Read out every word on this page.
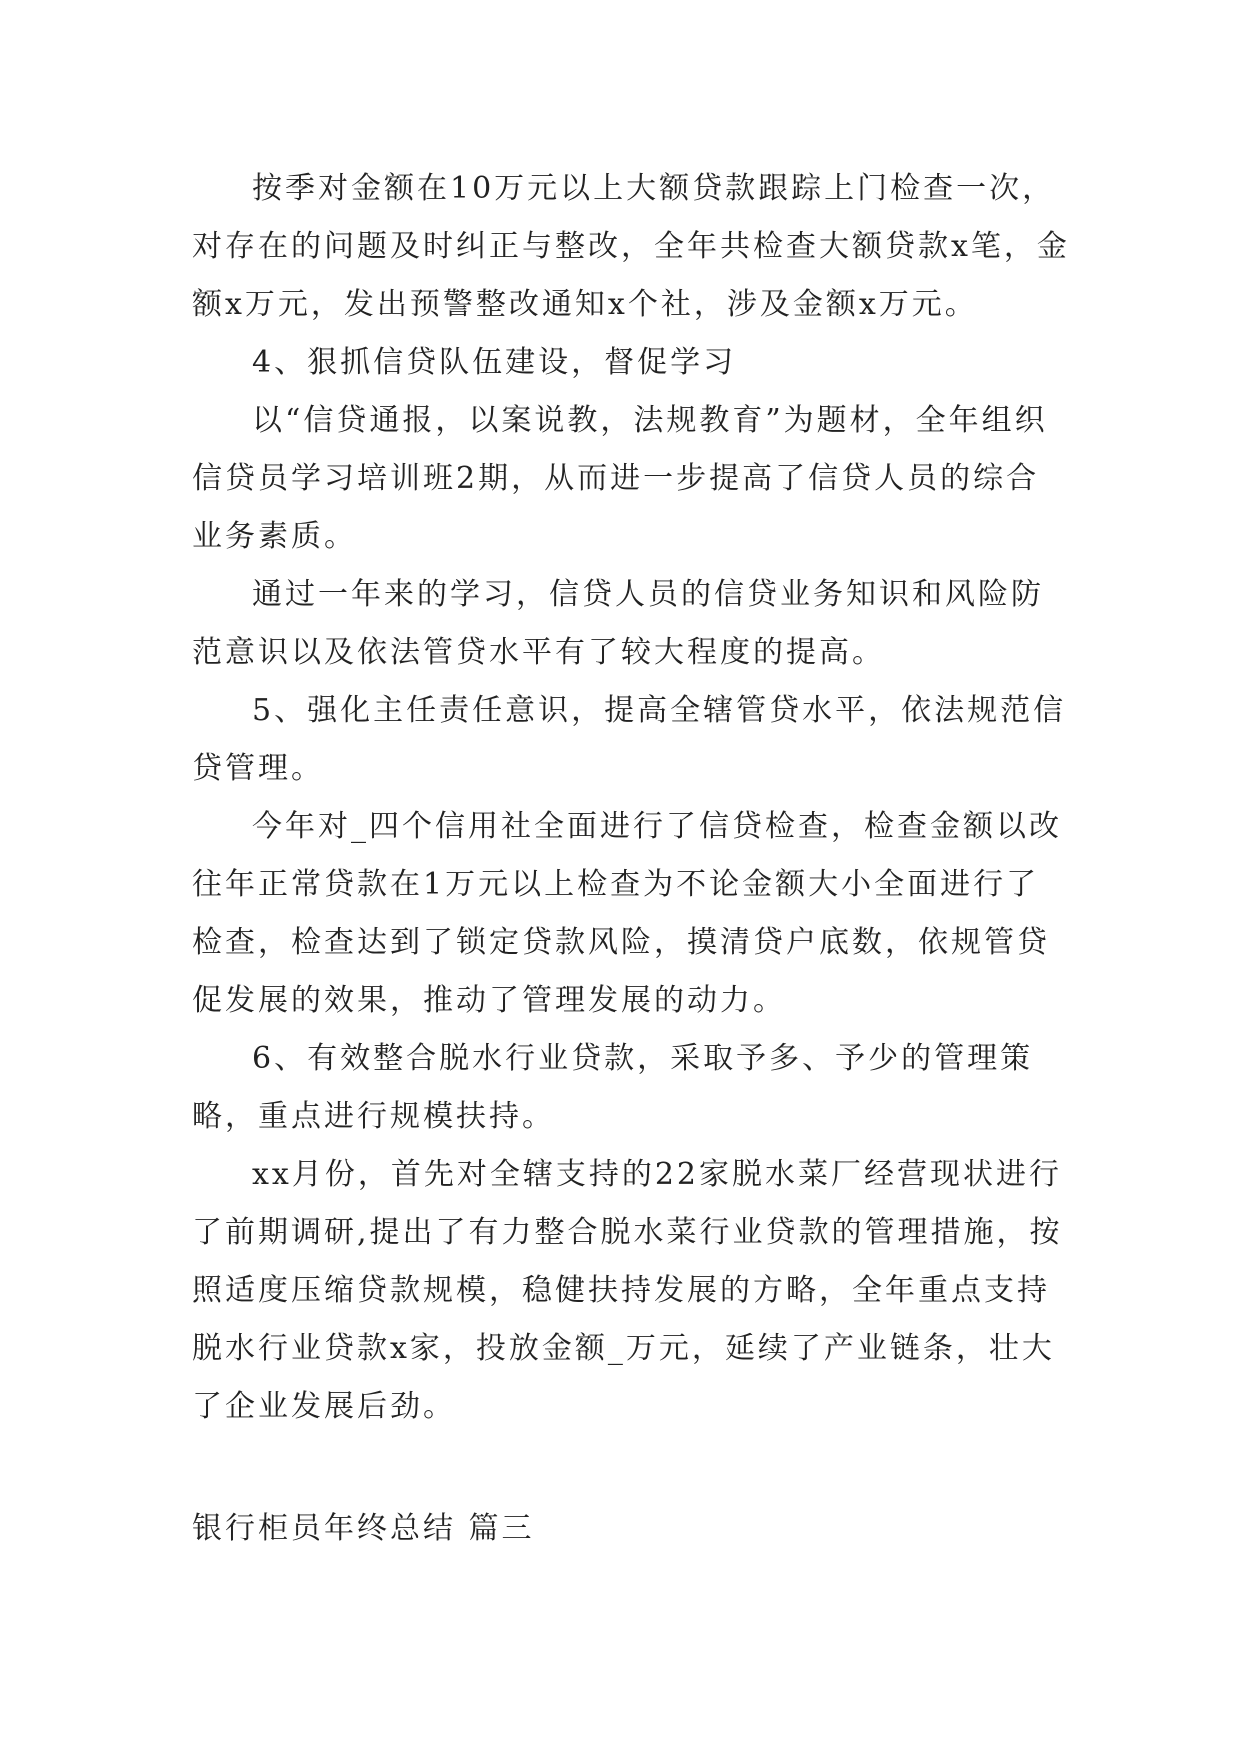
按季对金额在10万元以上大额贷款跟踪上门检查一次，对存在的问题及时纠正与整改，全年共检查大额贷款x笔，金额x万元，发出预警整改通知x个社，涉及金额x万元。

4、狠抓信贷队伍建设，督促学习

以“信贷通报，以案说教，法规教育”为题材，全年组织信贷员学习培训班2期，从而进一步提高了信贷人员的综合业务素质。

通过一年来的学习，信贷人员的信贷业务知识和风险防范意识以及依法管贷水平有了较大程度的提高。

5、强化主任责任意识，提高全辖管贷水平，依法规范信贷管理。

今年对_四个信用社全面进行了信贷检查，检查金额以改往年正常贷款在1万元以上检查为不论金额大小全面进行了检查，检查达到了锁定贷款风险，摸清贷户底数，依规管贷促发展的效果，推动了管理发展的动力。

6、有效整合脱水行业贷款，采取予多、予少的管理策略，重点进行规模扶持。

xx月份，首先对全辖支持的22家脱水菜厂经营现状进行了前期调研,提出了有力整合脱水菜行业贷款的管理措施，按照适度压缩贷款规模，稳健扶持发展的方略，全年重点支持脱水行业贷款x家，投放金额_万元，延续了产业链条，壮大了企业发展后劲。

银行柜员年终总结 篇三
